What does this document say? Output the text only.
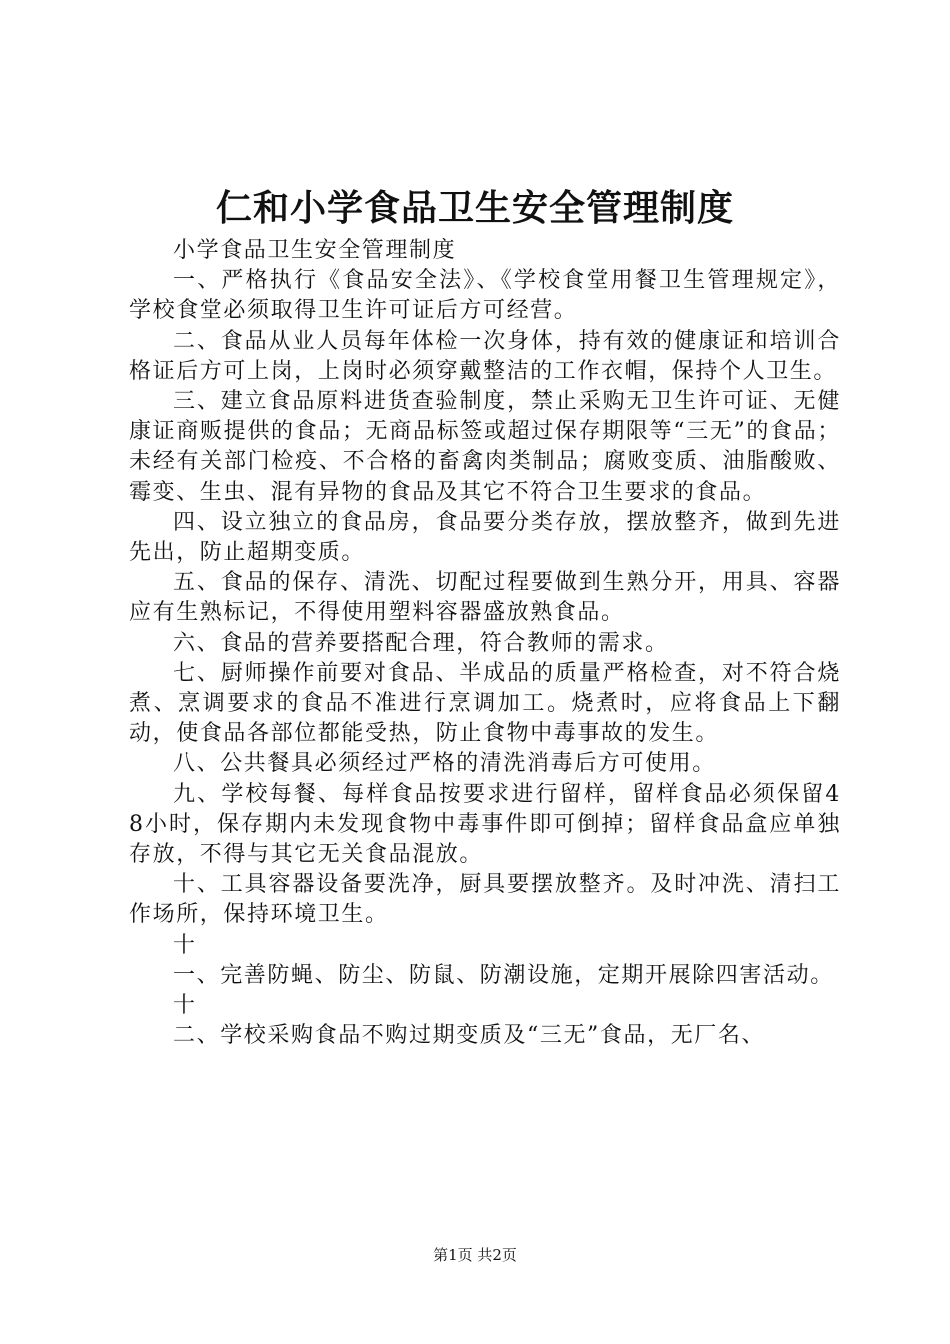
仁和小学食品卫生安全管理制度

小学食品卫生安全管理制度

一、严格执行《食品安全法》、《学校食堂用餐卫生管理规定》，学校食堂必须取得卫生许可证后方可经营。

二、食品从业人员每年体检一次身体，持有效的健康证和培训合格证后方可上岗，上岗时必须穿戴整洁的工作衣帽，保持个人卫生。

三、建立食品原料进货查验制度，禁止采购无卫生许可证、无健康证商贩提供的食品；无商品标签或超过保存期限等“三无”的食品；未经有关部门检疫、不合格的畜禽肉类制品；腐败变质、油脂酸败、霉变、生虫、混有异物的食品及其它不符合卫生要求的食品。

四、设立独立的食品房，食品要分类存放，摆放整齐，做到先进先出，防止超期变质。

五、食品的保存、清洗、切配过程要做到生熟分开，用具、容器应有生熟标记，不得使用塑料容器盛放熟食品。

六、食品的营养要搭配合理，符合教师的需求。

七、厨师操作前要对食品、半成品的质量严格检查，对不符合烧煮、烹调要求的食品不准进行烹调加工。烧煮时，应将食品上下翻动，使食品各部位都能受热，防止食物中毒事故的发生。

八、公共餐具必须经过严格的清洗消毒后方可使用。

九、学校每餐、每样食品按要求进行留样，留样食品必须保留48小时，保存期内未发现食物中毒事件即可倒掉；留样食品盒应单独存放，不得与其它无关食品混放。

十、工具容器设备要洗净，厨具要摆放整齐。及时冲洗、清扫工作场所，保持环境卫生。

十

一、完善防蝇、防尘、防鼠、防潮设施，定期开展除四害活动。

十

二、学校采购食品不购过期变质及“三无”食品，无厂名、

第1页 共2页
